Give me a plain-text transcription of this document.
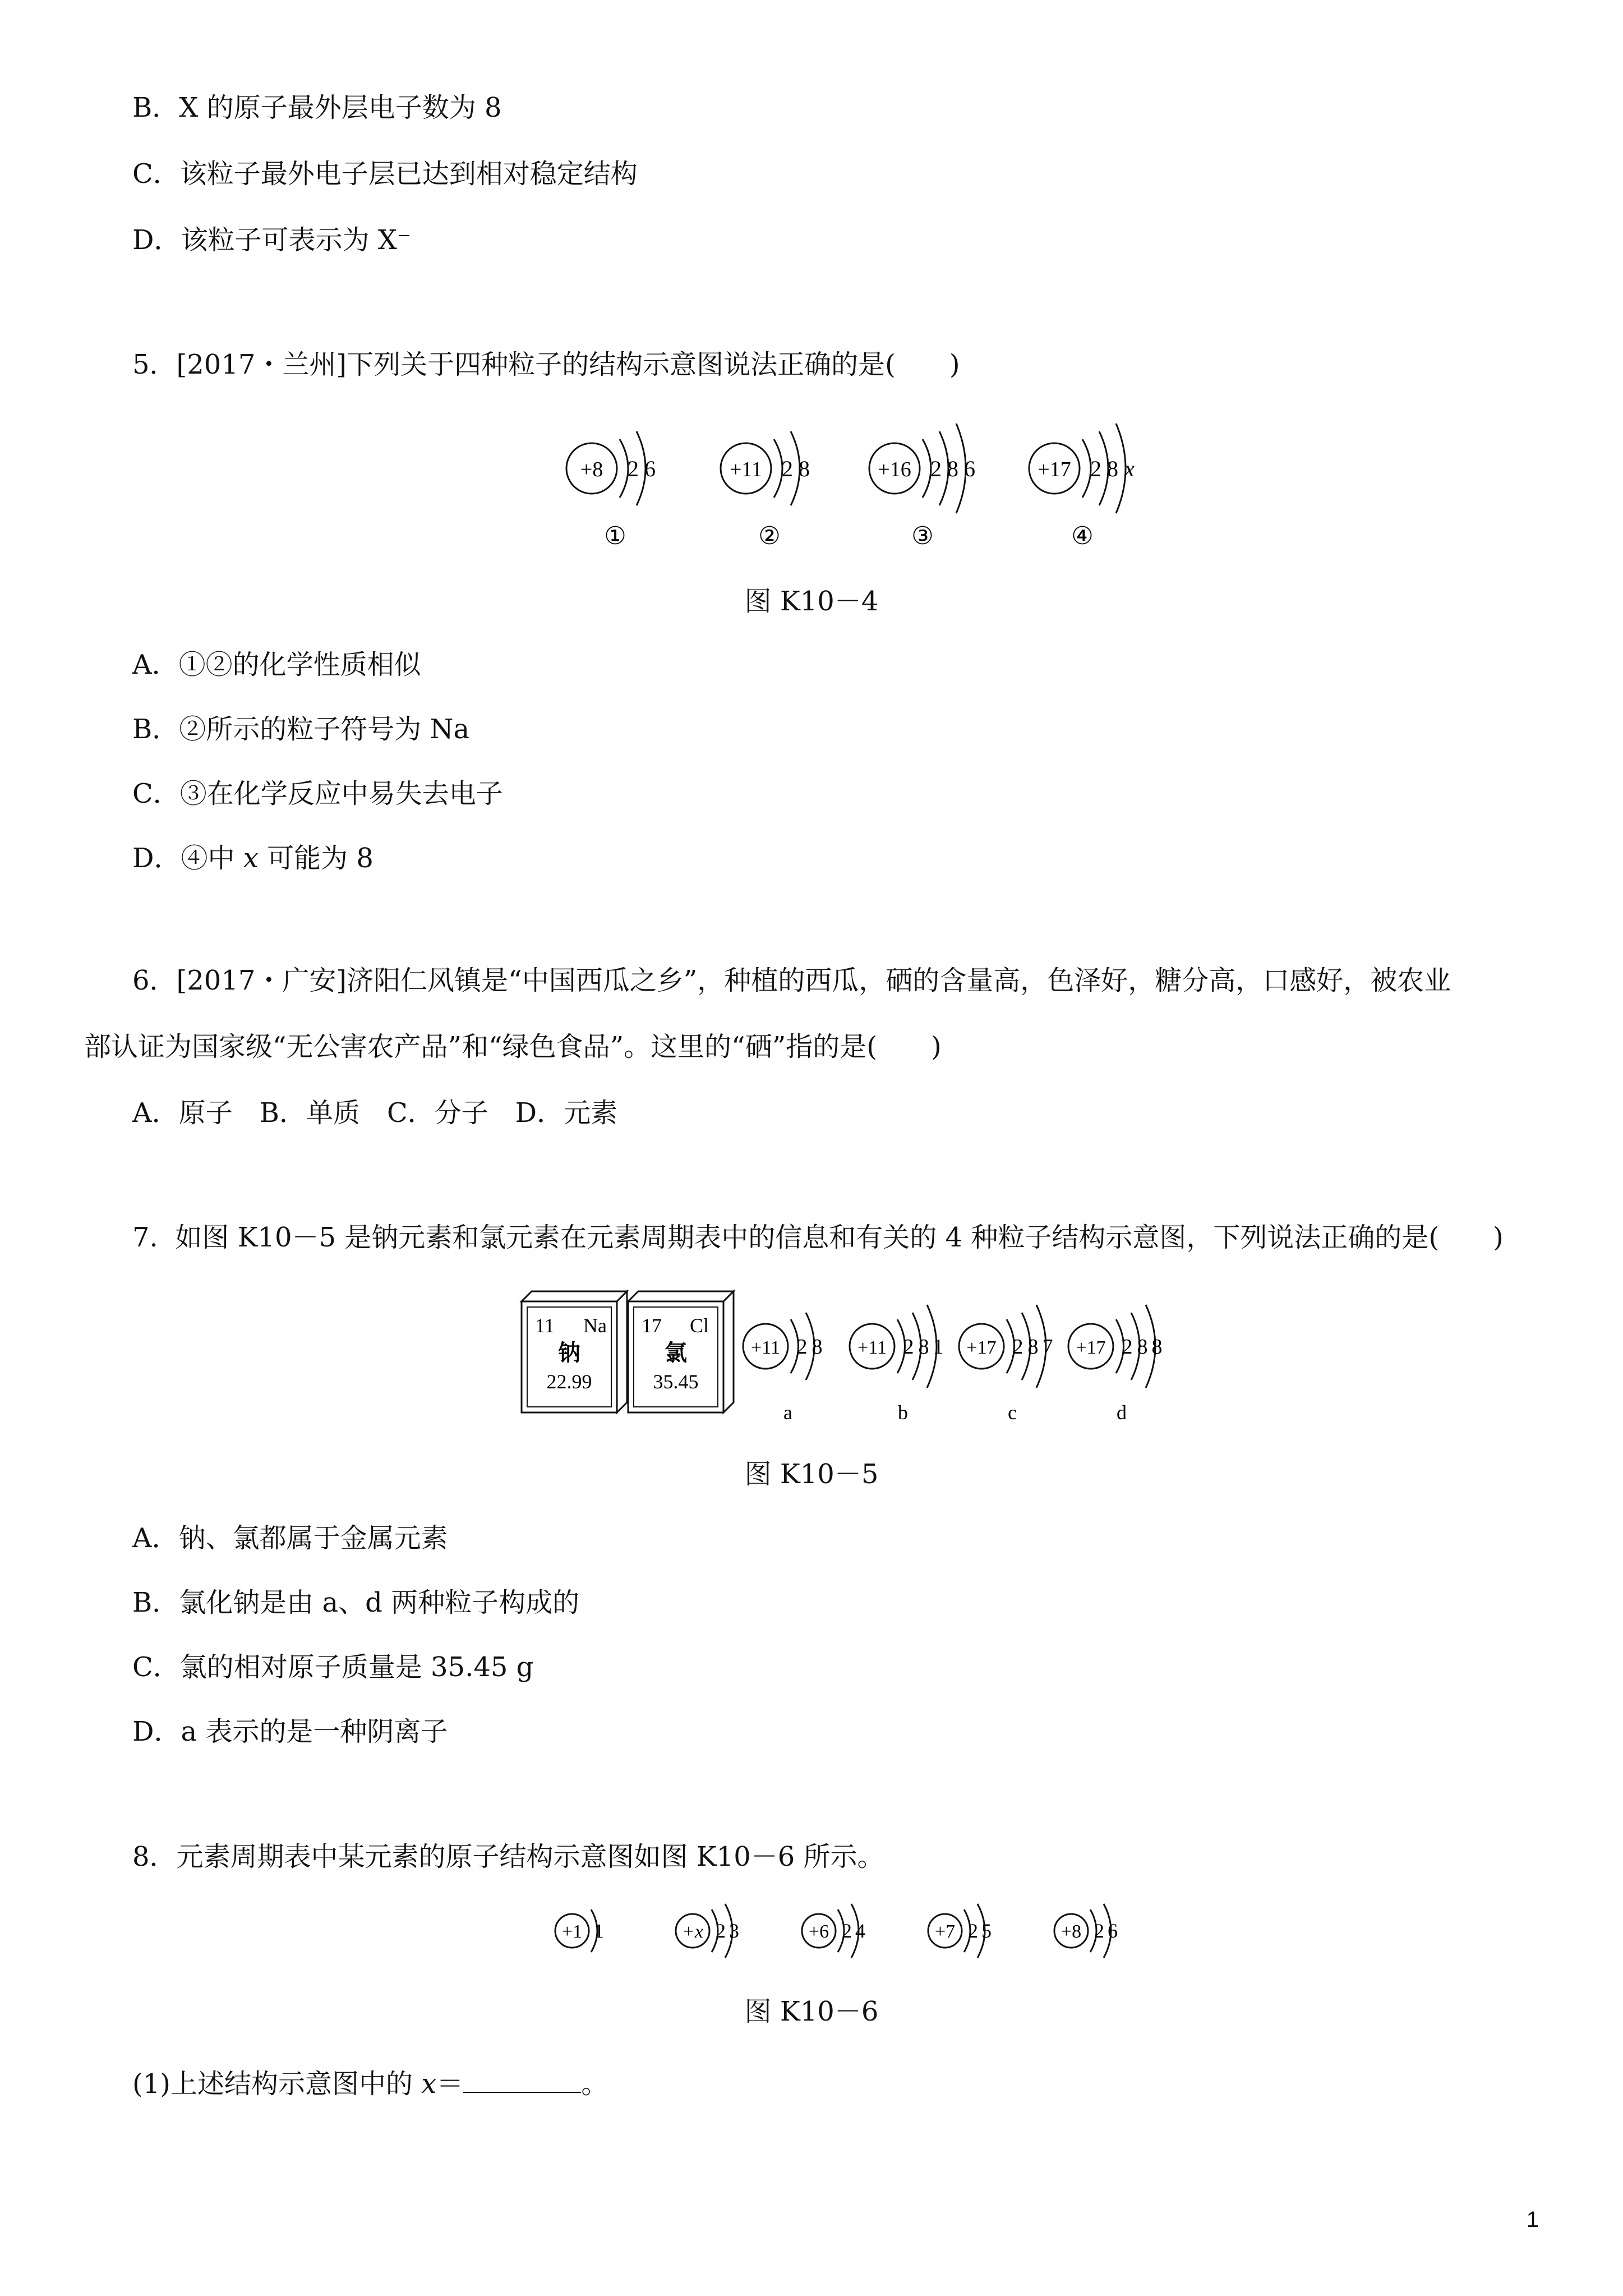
B．X 的原子最外层电子数为 8
C．该粒子最外电子层已达到相对稳定结构
D．该粒子可表示为 X⁻
5．[2017・兰州]下列关于四种粒子的结构示意图说法正确的是(　　)
+8 2 6
①
+11 2 8
②
+16 2 8 6
③
+17 2 8 x
④
图 K10－4
A．①②的化学性质相似
B．②所示的粒子符号为 Na
C．③在化学反应中易失去电子
D．④中 x 可能为 8
6．[2017・广安]济阳仁风镇是“中国西瓜之乡”，种植的西瓜，硒的含量高，色泽好，糖分高，口感好，被农业
部认证为国家级“无公害农产品”和“绿色食品”。这里的“硒”指的是(　　)
A．原子　B．单质　C．分子　D．元素
7.  如图 K10－5 是钠元素和氯元素在元素周期表中的信息和有关的 4 种粒子结构示意图，下列说法正确的是(　　)
11 Na
钠
22.99
17 Cl
氯
35.45
+11 2 8
a
+11 2 8 1
b
+17 2 8 7
c
+17 2 8 8
d
图 K10－5
A．钠、氯都属于金属元素
B．氯化钠是由 a、d 两种粒子构成的
C．氯的相对原子质量是 35.45 g
D．a 表示的是一种阴离子
8．元素周期表中某元素的原子结构示意图如图 K10－6 所示。
+1 1	+x 2 3	+6 2 4	+7 2 5	+8 2 6
图 K10－6
(1)上述结构示意图中的 x＝	。
1
